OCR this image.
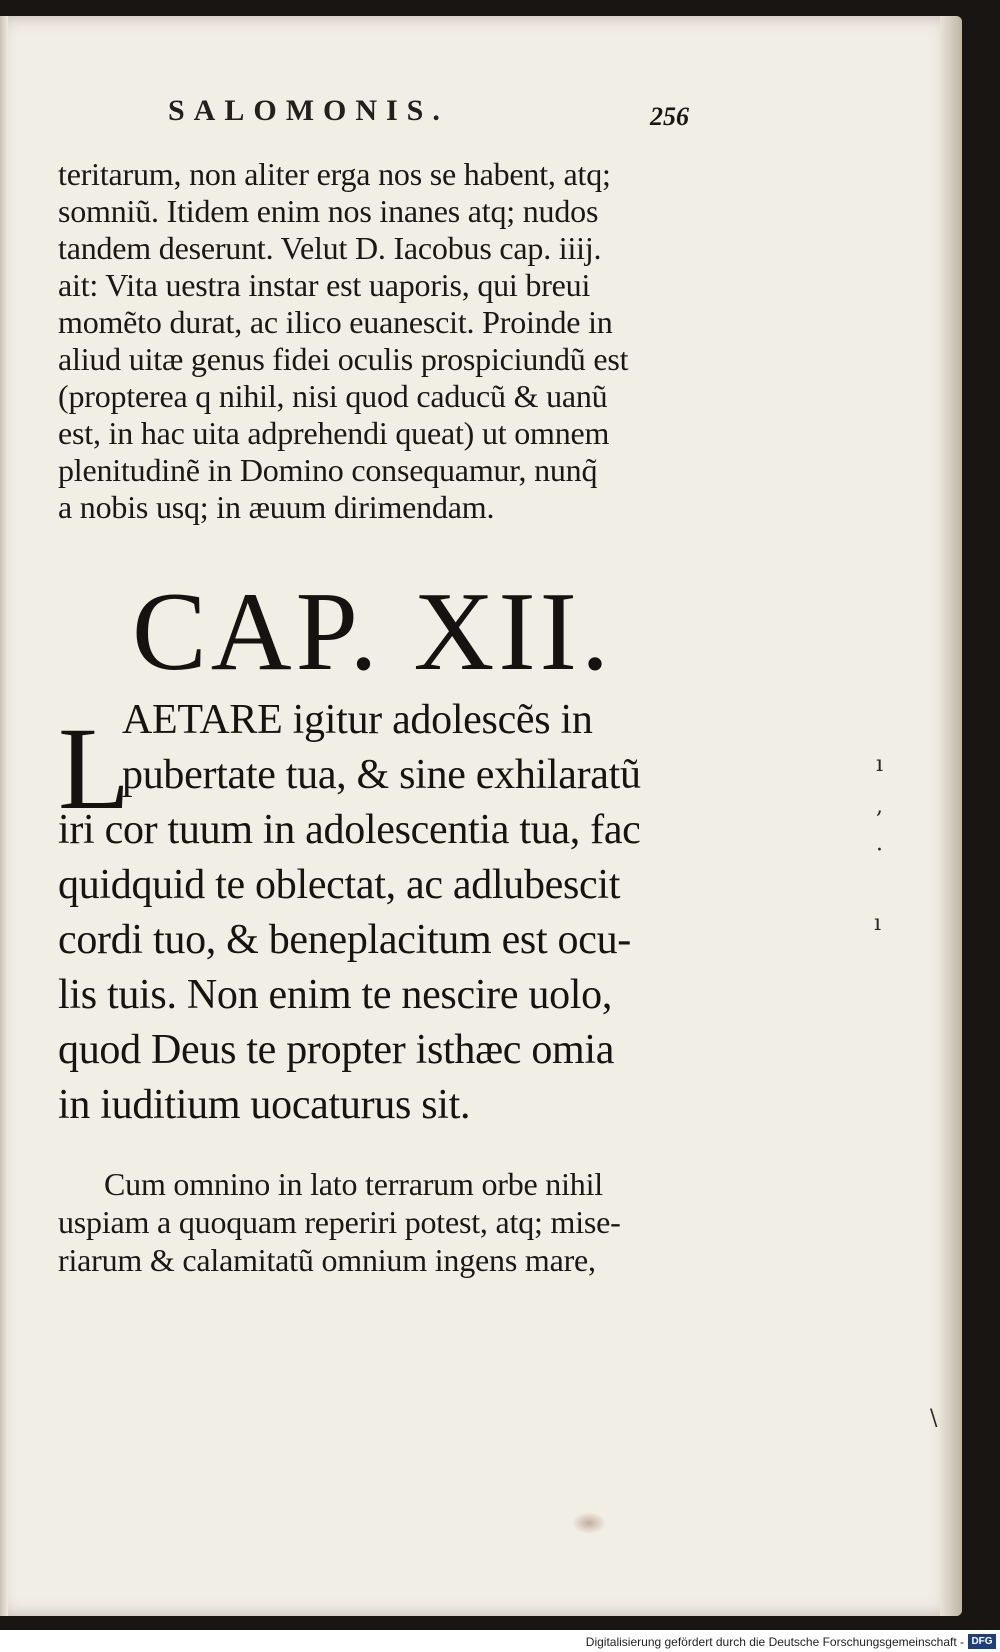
SALOMONIS.	256
teritarum, non aliter erga nos se habent, atq;
somniũ. Itidem enim nos inanes atq; nudos
tandem deserunt. Velut D. Iacobus cap. iiij.
ait: Vita uestra instar est uaporis, qui breui
momẽto durat, ac ilico euanescit. Proinde in
aliud uitæ genus fidei oculis prospiciundũ est
(propterea q nihil, nisi quod caducũ & uanũ
est, in hac uita adprehendi queat) ut omnem
plenitudinẽ in Domino consequamur, nunq̃
a nobis usq; in æuum dirimendam.
CAP. XII.
L
AETARE igitur adolescẽs in
pubertate tua, & sine exhilaratũ
iri cor tuum in adolescentia tua, fac
quidquid te oblectat, ac adlubescit
cordi tuo, & beneplacitum est ocu-
lis tuis. Non enim te nescire uolo,
quod Deus te propter isthæc omia
in iuditium uocaturus sit.
Cum omnino in lato terrarum orbe nihil
uspiam a quoquam reperiri potest, atq; mise-
riarum & calamitatũ omnium ingens mare,
ı
,
·
ı
\
Digitalisierung gefördert durch die Deutsche Forschungsgemeinschaft - DFG
